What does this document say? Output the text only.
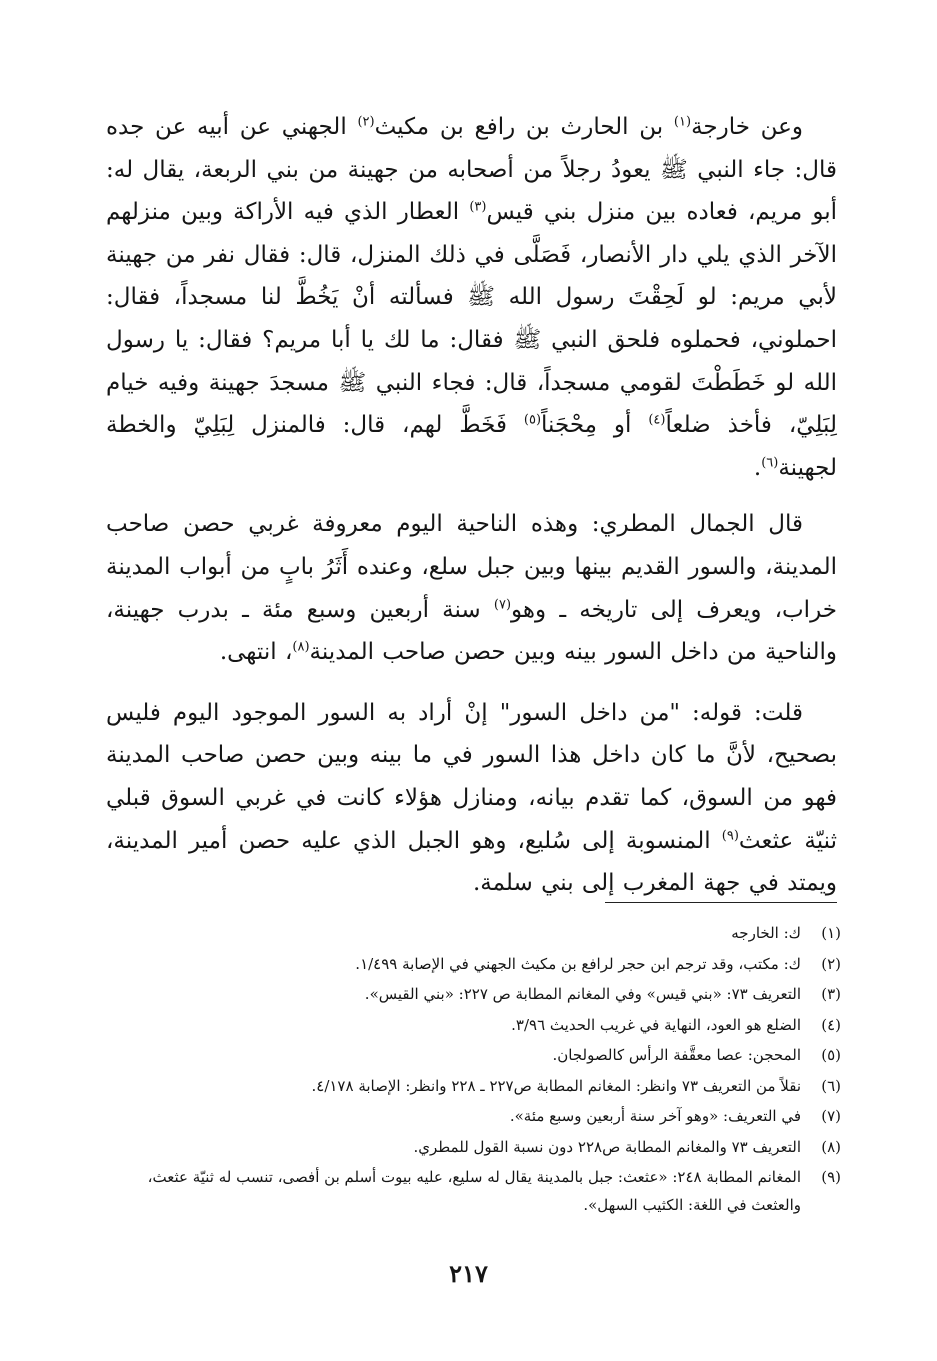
وعن خارجة$^{(١)}$ بن الحارث بن رافع بن مكيث$^{(٢)}$ الجهني عن أبيه عن جده قال: جاء النبي ﷺ يعودُ رجلاً من أصحابه من جهينة من بني الربعة، يقال له: أبو مريم، فعاده بين منزل بني قيس$^{(٣)}$ العطار الذي فيه الأراكة وبين منزلهم الآخر الذي يلي دار الأنصار، فَصَلَّى في ذلك المنزل، قال: فقال نفر من جهينة لأبي مريم: لو لَحِقْتَ رسول الله ﷺ فسألته أنْ يَخُطَّ لنا مسجداً، فقال: احملوني، فحملوه فلحق النبي ﷺ فقال: ما لك يا أبا مريم؟ فقال: يا رسول الله لو خَطَطْتَ لقومي مسجداً، قال: فجاء النبي ﷺ مسجدَ جهينة وفيه خيام لِبَلِيّ، فأخذ ضلعاً$^{(٤)}$ أو مِحْجَناً$^{(٥)}$ فَخَطَّ لهم، قال: فالمنزل لِبَلِيّ والخطة لجهينة$^{(٦)}$.

قال الجمال المطري: وهذه الناحية اليوم معروفة غربي حصن صاحب المدينة، والسور القديم بينها وبين جبل سلع، وعنده أَثَرُ بابٍ من أبواب المدينة خراب، ويعرف إلى تاريخه ـ وهو$^{(٧)}$ سنة أربعين وسبع مئة ـ بدرب جهينة، والناحية من داخل السور بينه وبين حصن صاحب المدينة$^{(٨)}$، انتهى.

قلت: قوله: "من داخل السور" إنْ أراد به السور الموجود اليوم فليس بصحيح، لأنَّ ما كان داخل هذا السور في ما بينه وبين حصن صاحب المدينة فهو من السوق، كما تقدم بيانه، ومنازل هؤلاء كانت في غربي السوق قبلي ثنيّة عثعث$^{(٩)}$ المنسوبة إلى سُليع، وهو الجبل الذي عليه حصن أمير المدينة، ويمتد في جهة المغرب إلى بني سلمة.

(١)
ك: الخارجه
(٢)
ك: مكتب، وقد ترجم ابن حجر لرافع بن مكيث الجهني في الإصابة ١/٤٩٩.
(٣)
التعريف ٧٣: «بني قيس» وفي المغانم المطابة ص ٢٢٧: «بني القيس».
(٤)
الضلع هو العود، النهاية في غريب الحديث ٣/٩٦.
(٥)
المحجن: عصا معقَّفة الرأس كالصولجان.
(٦)
نقلاً من التعريف ٧٣ وانظر: المغانم المطابة ص٢٢٧ ـ ٢٢٨ وانظر: الإصابة ٤/١٧٨.
(٧)
في التعريف: «وهو آخر سنة أربعين وسبع مئة».
(٨)
التعريف ٧٣ والمغانم المطابة ص٢٢٨ دون نسبة القول للمطري.
(٩)
المغانم المطابة ٢٤٨: «عثعث: جبل بالمدينة يقال له سليع، عليه بيوت أسلم بن أفصى، تنسب له ثنيّة عثعث، والعثعث في اللغة: الكثيب السهل».
٢١٧
